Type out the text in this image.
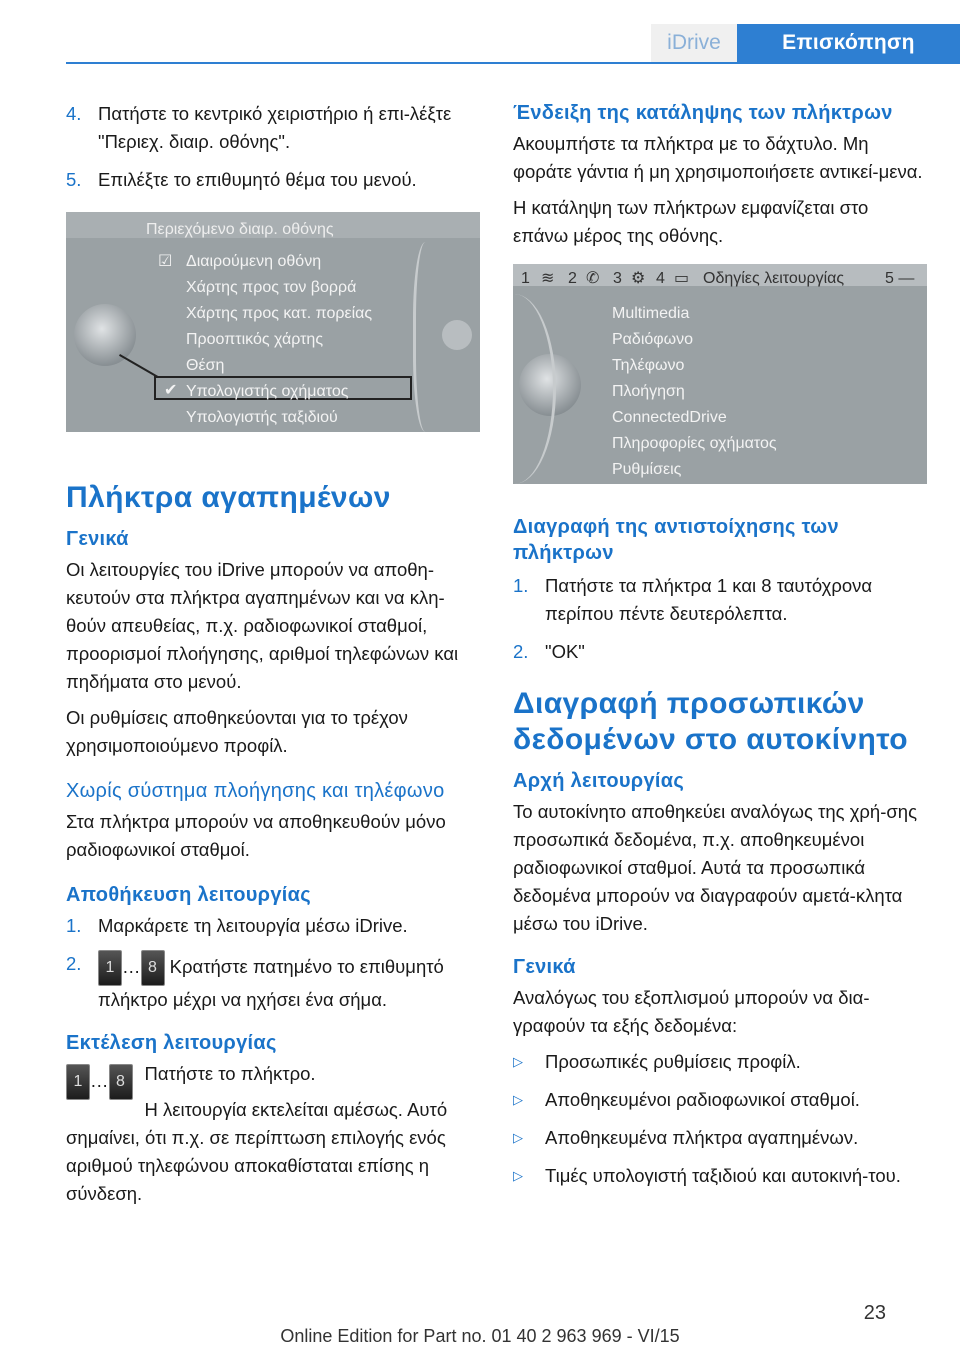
iDrive	Επισκόπηση
4. Πατήστε το κεντρικό χειριστήριο ή επι-λέξτε "Περιεχ. διαιρ. οθόνης".
5. Επιλέξτε το επιθυμητό θέμα του μενού.
Περιεχόμενο διαιρ. οθόνης
☑ Διαιρούμενη οθόνη
Χάρτης προς τον βορρά
Χάρτης προς κατ. πορείας
Προοπτικός χάρτης
Θέση
✔ Υπολογιστής οχήματος
Υπολογιστής ταξιδιού
Πλήκτρα αγαπημένων
Γενικά

Οι λειτουργίες του iDrive μπορούν να αποθη-κευτούν στα πλήκτρα αγαπημένων και να κλη-θούν απευθείας, π.χ. ραδιοφωνικοί σταθμοί, προορισμοί πλοήγησης, αριθμοί τηλεφώνων και πηδήματα στο μενού.

Οι ρυθμίσεις αποθηκεύονται για το τρέχον χρησιμοποιούμενο προφίλ.

Χωρίς σύστημα πλοήγησης και τηλέφωνο

Στα πλήκτρα μπορούν να αποθηκευθούν μόνο ραδιοφωνικοί σταθμοί.

Αποθήκευση λειτουργίας
1. Μαρκάρετε τη λειτουργία μέσω iDrive.
2.	1 … 8 Κρατήστε πατημένο το επιθυμητό πλήκτρο μέχρι να ηχήσει ένα σήμα.
Εκτέλεση λειτουργίας
1 … 8	Πατήστε το πλήκτρο.

Η λειτουργία εκτελείται αμέσως. Αυτό σημαίνει, ότι π.χ. σε περίπτωση επιλογής ενός αριθμού τηλεφώνου αποκαθίσταται επίσης η σύνδεση.

Ένδειξη της κατάληψης των πλήκτρων

Ακουμπήστε τα πλήκτρα με το δάχτυλο. Μη φοράτε γάντια ή μη χρησιμοποιήσετε αντικεί-μενα.

Η κατάληψη των πλήκτρων εμφανίζεται στο επάνω μέρος της οθόνης.

1 ≋ 2 ✆ 3 ⚙ 4 ▭ Οδηγίες λειτουργίας	5 —
Multimedia
Ραδιόφωνο
Τηλέφωνο
Πλοήγηση
ConnectedDrive
Πληροφορίες οχήματος
Ρυθμίσεις
Διαγραφή της αντιστοίχησης των πλήκτρων
1. Πατήστε τα πλήκτρα 1 και 8 ταυτόχρονα περίπου πέντε δευτερόλεπτα.
2. "OK"
Διαγραφή προσωπικών δεδομένων στο αυτοκίνητο
Αρχή λειτουργίας

Το αυτοκίνητο αποθηκεύει αναλόγως της χρή-σης προσωπικά δεδομένα, π.χ. αποθηκευμένοι ραδιοφωνικοί σταθμοί. Αυτά τα προσωπικά δεδομένα μπορούν να διαγραφούν αμετά-κλητα μέσω του iDrive.

Γενικά

Αναλόγως του εξοπλισμού μπορούν να δια-γραφούν τα εξής δεδομένα:

▷	Προσωπικές ρυθμίσεις προφίλ.
▷	Αποθηκευμένοι ραδιοφωνικοί σταθμοί.
▷	Αποθηκευμένα πλήκτρα αγαπημένων.
▷	Τιμές υπολογιστή ταξιδιού και αυτοκινή-του.
23
Online Edition for Part no. 01 40 2 963 969 - VI/15
